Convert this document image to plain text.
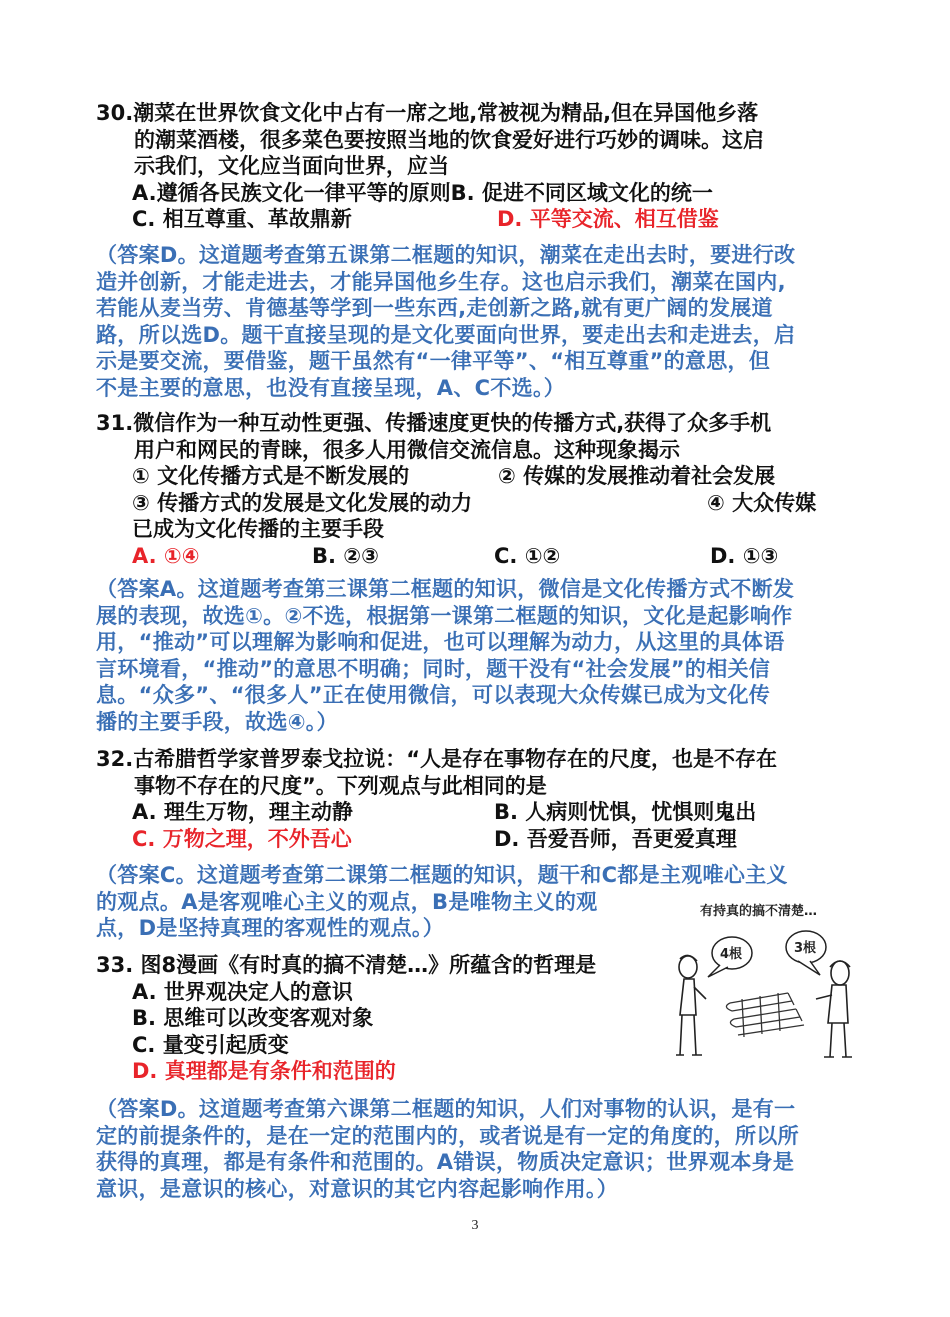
30.潮菜在世界饮食文化中占有一席之地,常被视为精品,但在异国他乡落
的潮菜酒楼，很多菜色要按照当地的饮食爱好进行巧妙的调味。这启
示我们，文化应当面向世界，应当
A.遵循各民族文化一律平等的原则 B. 促进不同区域文化的统一
C. 相互尊重、革故鼎新	D. 平等交流、相互借鉴
（答案D。这道题考查第五课第二框题的知识，潮菜在走出去时，要进行改
造并创新，才能走进去，才能异国他乡生存。这也启示我们，潮菜在国内,
若能从麦当劳、肯德基等学到一些东西,走创新之路,就有更广阔的发展道
路，所以选D。题干直接呈现的是文化要面向世界，要走出去和走进去，启
示是要交流，要借鉴，题干虽然有“一律平等”、“相互尊重”的意思，但
不是主要的意思，也没有直接呈现，A、C不选。）
31.微信作为一种互动性更强、传播速度更快的传播方式,获得了众多手机
用户和网民的青睐，很多人用微信交流信息。这种现象揭示
① 文化传播方式是不断发展的	② 传媒的发展推动着社会发展
③ 传播方式的发展是文化发展的动力	④ 大众传媒
已成为文化传播的主要手段
A. ①④	B. ②③	C. ①②	D. ①③
（答案A。这道题考查第三课第二框题的知识，微信是文化传播方式不断发
展的表现，故选①。②不选，根据第一课第二框题的知识，文化是起影响作
用，“推动”可以理解为影响和促进，也可以理解为动力，从这里的具体语
言环境看，“推动”的意思不明确；同时，题干没有“社会发展”的相关信
息。“众多”、“很多人”正在使用微信，可以表现大众传媒已成为文化传
播的主要手段，故选④。）
32.古希腊哲学家普罗泰戈拉说：“人是存在事物存在的尺度，也是不存在
事物不存在的尺度”。下列观点与此相同的是
A. 理生万物，理主动静	B. 人病则忧惧，忧惧则鬼出
C. 万物之理，不外吾心	D. 吾爱吾师，吾更爱真理
（答案C。这道题考查第二课第二框题的知识，题干和C都是主观唯心主义
的观点。A是客观唯心主义的观点，B是唯物主义的观
点，D是坚持真理的客观性的观点。）
33. 图8漫画《有时真的搞不清楚…》所蕴含的哲理是
A. 世界观决定人的意识
B. 思维可以改变客观对象
C. 量变引起质变
D. 真理都是有条件和范围的
有持真的搞不清楚…
4根	3根
（答案D。这道题考查第六课第二框题的知识，人们对事物的认识，是有一
定的前提条件的，是在一定的范围内的，或者说是有一定的角度的，所以所
获得的真理，都是有条件和范围的。A错误，物质决定意识；世界观本身是
意识，是意识的核心，对意识的其它内容起影响作用。）
3
